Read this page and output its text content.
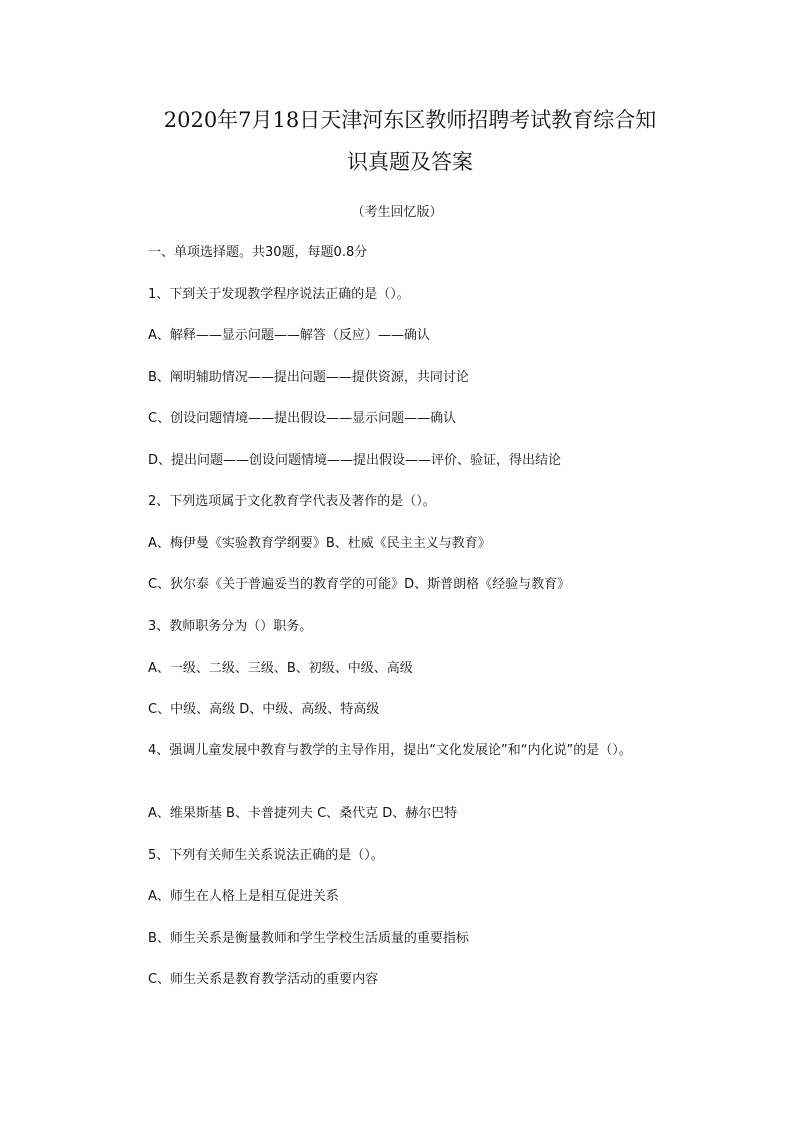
2020年7月18日天津河东区教师招聘考试教育综合知
识真题及答案
（考生回忆版）
一、单项选择题。共30题，每题0.8分
1、下到关于发现教学程序说法正确的是（）。
A、解释——显示问题——解答（反应）——确认
B、阐明辅助情况——提出问题——提供资源，共同讨论
C、创设问题情境——提出假设——显示问题——确认
D、提出问题——创设问题情境——提出假设——评价、验证，得出结论
2、下列选项属于文化教育学代表及著作的是（）。
A、梅伊曼《实验教育学纲要》B、杜威《民主主义与教育》
C、狄尔泰《关于普遍妥当的教育学的可能》D、斯普朗格《经验与教育》
3、教师职务分为（）职务。
A、一级、二级、三级、B、初级、中级、高级
C、中级、高级 D、中级、高级、特高级
4、强调儿童发展中教育与教学的主导作用，提出“文化发展论”和“内化说”的是（）。
A、维果斯基 B、卡普捷列夫 C、桑代克 D、赫尔巴特
5、下列有关师生关系说法正确的是（）。
A、师生在人格上是相互促进关系
B、师生关系是衡量教师和学生学校生活质量的重要指标
C、师生关系是教育教学活动的重要内容
